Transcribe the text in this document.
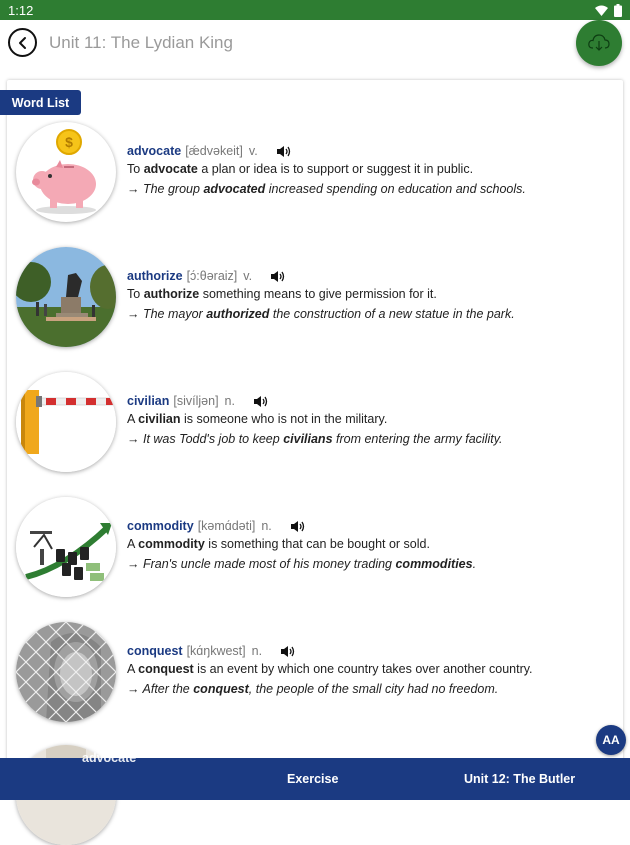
1:12
Unit 11: The Lydian King
Word List
$
advocate [ǽdvəkeit] v.
To advocate a plan or idea is to support or suggest it in public.
→ The group advocated increased spending on education and schools.
authorize [ɔ́:θəraiz] v.
To authorize something means to give permission for it.
→ The mayor authorized the construction of a new statue in the park.
civilian [sivíljən] n.
A civilian is someone who is not in the military.
→ It was Todd's job to keep civilians from entering the army facility.
commodity [kəmɑ́dəti] n.
A commodity is something that can be bought or sold.
→ Fran's uncle made most of his money trading commodities.
conquest [kɑ́ŋkwest] n.
A conquest is an event by which one country takes over another country.
→ After the conquest, the people of the small city had no freedom.
AA
advocate
Exercise	Unit 12: The Butler
